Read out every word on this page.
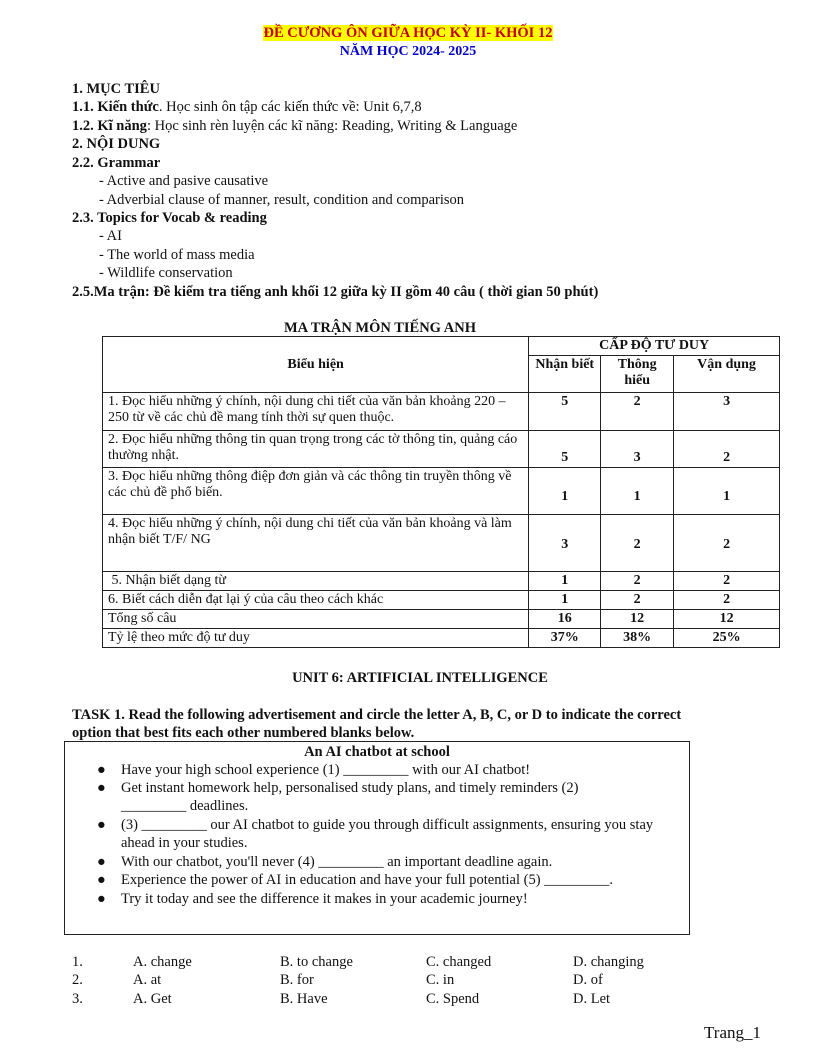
ĐỀ CƯƠNG ÔN GIỮA HỌC KỲ II- KHỐI 12
NĂM HỌC 2024- 2025
1. MỤC TIÊU
1.1. Kiến thức. Học sinh ôn tập các kiến thức về: Unit 6,7,8
1.2. Kĩ năng: Học sinh rèn luyện các kĩ năng: Reading, Writing & Language
2. NỘI DUNG
2.2. Grammar
- Active and pasive causative
- Adverbial clause of manner, result, condition and comparison
2.3. Topics for Vocab & reading
- AI
- The world of mass media
- Wildlife conservation
2.5.Ma trận: Đề kiểm tra tiếng anh khối 12 giữa kỳ II gồm 40 câu ( thời gian 50 phút)
MA TRẬN MÔN TIẾNG ANH
Biểu hiện	CẤP ĐỘ TƯ DUY		
	Nhận biết	Thông hiểu	Vận dụng
1. Đọc hiểu những ý chính, nội dung chi tiết của văn bản khoảng 220 – 250 từ về các chủ đề mang tính thời sự quen thuộc.	5	2	3
2. Đọc hiểu những thông tin quan trọng trong các tờ thông tin, quảng cáo thường nhật.	5	3	2
3. Đọc hiểu những thông điệp đơn giản và các thông tin truyền thông về các chủ đề phổ biến.	1	1	1
4. Đọc hiểu những ý chính, nội dung chi tiết của văn bản khoảng và làm nhận biết T/F/ NG	3	2	2
5. Nhận biết dạng từ	1	2	2
6. Biết cách diễn đạt lại ý của câu theo cách khác	1	2	2
Tổng số câu	16	12	12
Tỷ lệ theo mức độ tư duy	37%	38%	25%
UNIT 6: ARTIFICIAL INTELLIGENCE
TASK 1. Read the following advertisement and circle the letter A, B, C, or D to indicate the correct
option that best fits each other numbered blanks below.
An AI chatbot at school
● Have your high school experience (1) _________ with our AI chatbot!
● Get instant homework help, personalised study plans, and timely reminders (2) _________ deadlines.
● (3) _________ our AI chatbot to guide you through difficult assignments, ensuring you stay ahead in your studies.
● With our chatbot, you'll never (4) _________ an important deadline again.
● Experience the power of AI in education and have your full potential (5) _________.
● Try it today and see the difference it makes in your academic journey!
1.	A. change	B. to change	C. changed	D. changing
2.	A. at	B. for	C. in	D. of
3.	A. Get	B. Have	C. Spend	D. Let
Trang_1
